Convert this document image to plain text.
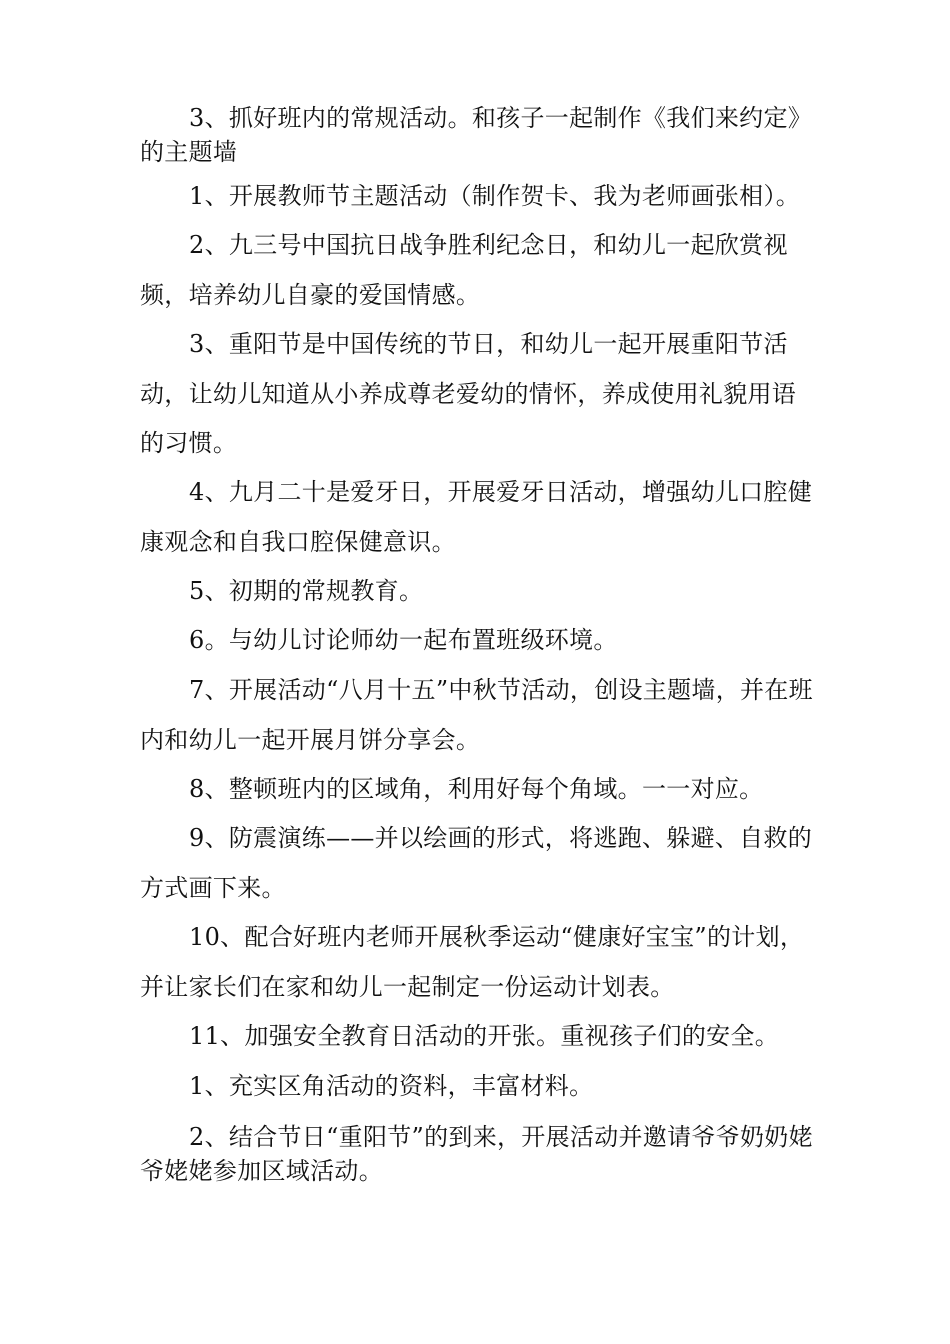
3、抓好班内的常规活动。和孩子一起制作《我们来约定》的主题墙

1、开展教师节主题活动（制作贺卡、我为老师画张相）。

2、九三号中国抗日战争胜利纪念日，和幼儿一起欣赏视频，培养幼儿自豪的爱国情感。

3、重阳节是中国传统的节日，和幼儿一起开展重阳节活动，让幼儿知道从小养成尊老爱幼的情怀，养成使用礼貌用语的习惯。

4、九月二十是爱牙日，开展爱牙日活动，增强幼儿口腔健康观念和自我口腔保健意识。

5、初期的常规教育。

6。与幼儿讨论师幼一起布置班级环境。

7、开展活动“八月十五”中秋节活动，创设主题墙，并在班内和幼儿一起开展月饼分享会。

8、整顿班内的区域角，利用好每个角域。一一对应。

9、防震演练——并以绘画的形式，将逃跑、躲避、自救的方式画下来。

10、配合好班内老师开展秋季运动“健康好宝宝”的计划，并让家长们在家和幼儿一起制定一份运动计划表。

11、加强安全教育日活动的开张。重视孩子们的安全。

1、充实区角活动的资料，丰富材料。

2、结合节日“重阳节”的到来，开展活动并邀请爷爷奶奶姥爷姥姥参加区域活动。
